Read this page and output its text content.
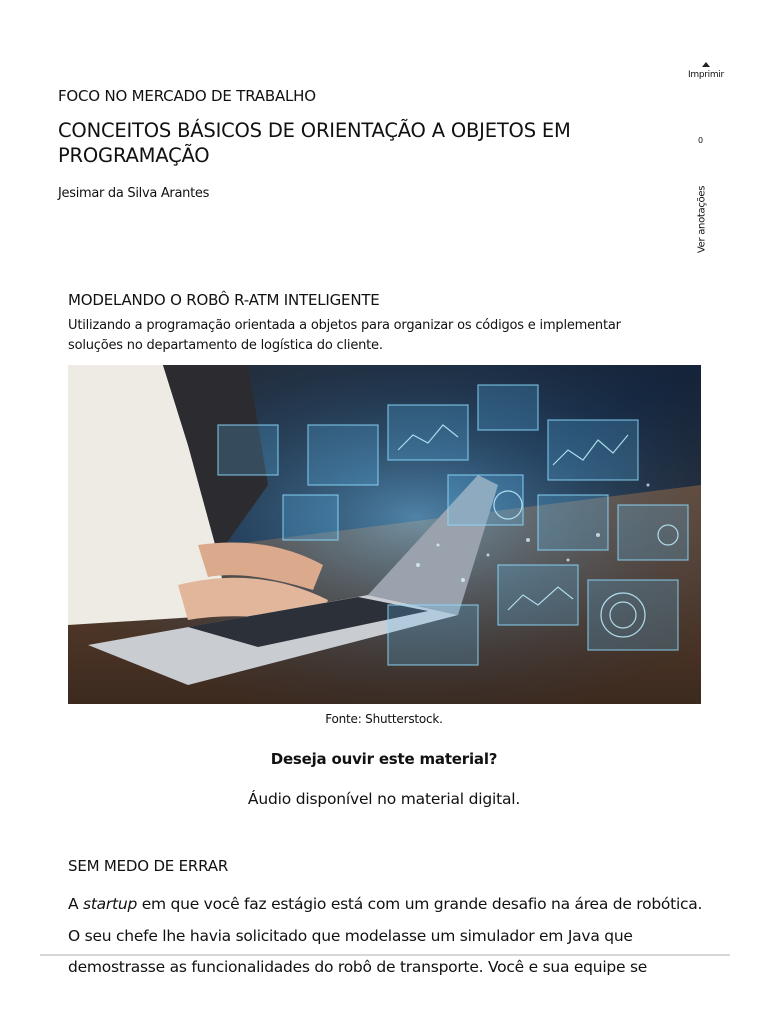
FOCO NO MERCADO DE TRABALHO
CONCEITOS BÁSICOS DE ORIENTAÇÃO A OBJETOS EM PROGRAMAÇÃO
Jesimar da Silva Arantes
Imprimir
0
Ver anotações
MODELANDO O ROBÔ R-ATM INTELIGENTE
Utilizando a programação orientada a objetos para organizar os códigos e implementar soluções no departamento de logística do cliente.
Fonte: Shutterstock.
Deseja ouvir este material?
Áudio disponível no material digital.
SEM MEDO DE ERRAR
A startup em que você faz estágio está com um grande desafio na área de robótica. O seu chefe lhe havia solicitado que modelasse um simulador em Java que demostrasse as funcionalidades do robô de transporte. Você e sua equipe se
